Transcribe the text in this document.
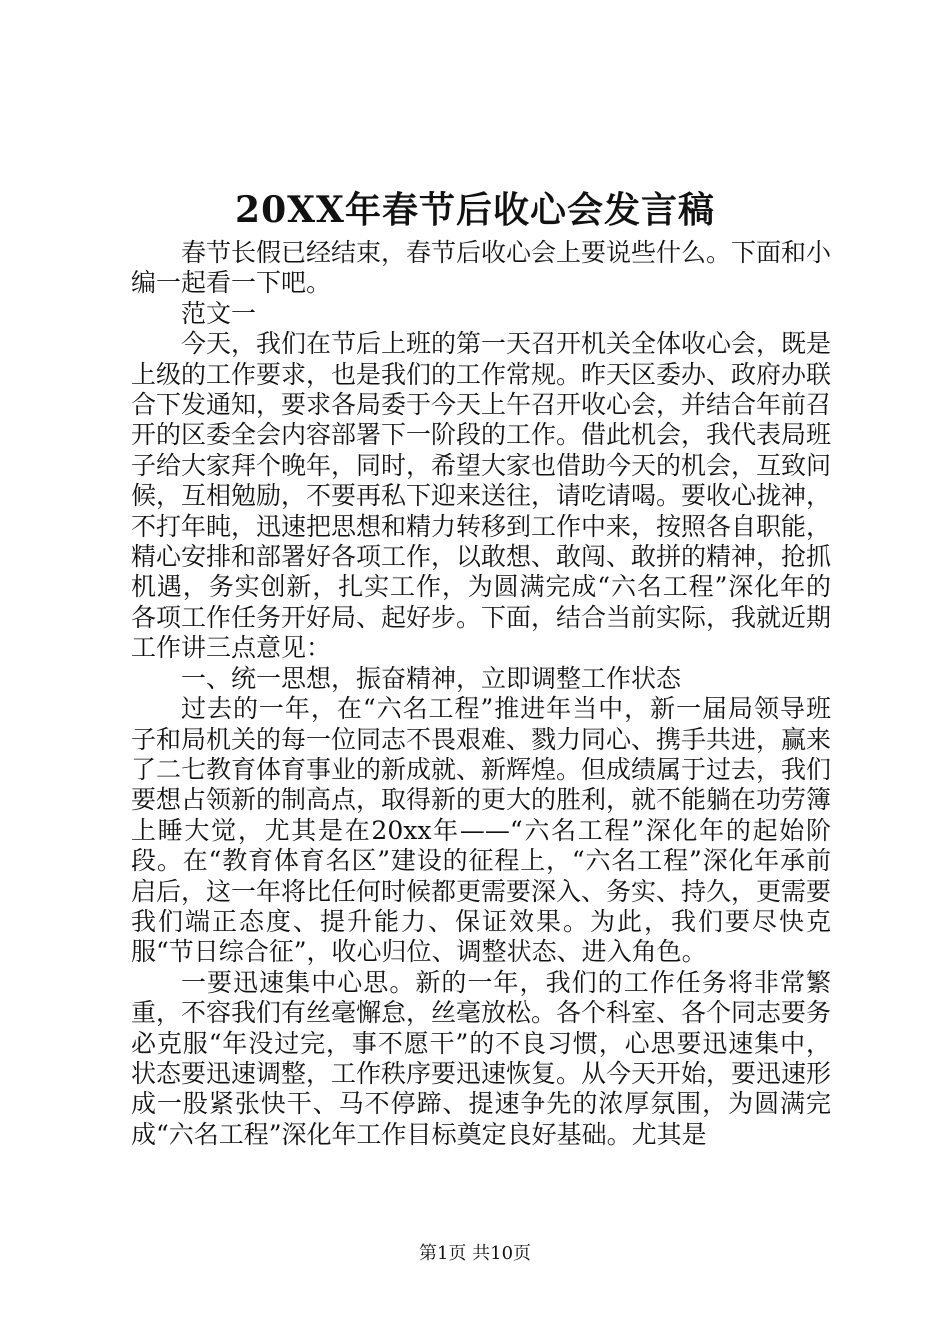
20XX年春节后收心会发言稿

春节长假已经结束，春节后收心会上要说些什么。下面和小编一起看一下吧。

范文一

今天，我们在节后上班的第一天召开机关全体收心会，既是上级的工作要求，也是我们的工作常规。昨天区委办、政府办联合下发通知，要求各局委于今天上午召开收心会，并结合年前召开的区委全会内容部署下一阶段的工作。借此机会，我代表局班子给大家拜个晚年，同时，希望大家也借助今天的机会，互致问候，互相勉励，不要再私下迎来送往，请吃请喝。要收心拢神，不打年盹，迅速把思想和精力转移到工作中来，按照各自职能，精心安排和部署好各项工作，以敢想、敢闯、敢拼的精神，抢抓机遇，务实创新，扎实工作，为圆满完成“六名工程”深化年的各项工作任务开好局、起好步。下面，结合当前实际，我就近期工作讲三点意见：

一、统一思想，振奋精神，立即调整工作状态

过去的一年，在“六名工程”推进年当中，新一届局领导班子和局机关的每一位同志不畏艰难、戮力同心、携手共进，赢来了二七教育体育事业的新成就、新辉煌。但成绩属于过去，我们要想占领新的制高点，取得新的更大的胜利，就不能躺在功劳簿上睡大觉，尤其是在20xx年——“六名工程”深化年的起始阶段。在“教育体育名区”建设的征程上，“六名工程”深化年承前启后，这一年将比任何时候都更需要深入、务实、持久，更需要我们端正态度、提升能力、保证效果。为此，我们要尽快克服“节日综合征”，收心归位、调整状态、进入角色。

一要迅速集中心思。新的一年，我们的工作任务将非常繁重，不容我们有丝毫懈怠，丝毫放松。各个科室、各个同志要务必克服“年没过完，事不愿干”的不良习惯，心思要迅速集中，状态要迅速调整，工作秩序要迅速恢复。从今天开始，要迅速形成一股紧张快干、马不停蹄、提速争先的浓厚氛围，为圆满完成“六名工程”深化年工作目标奠定良好基础。尤其是

第1页 共10页
